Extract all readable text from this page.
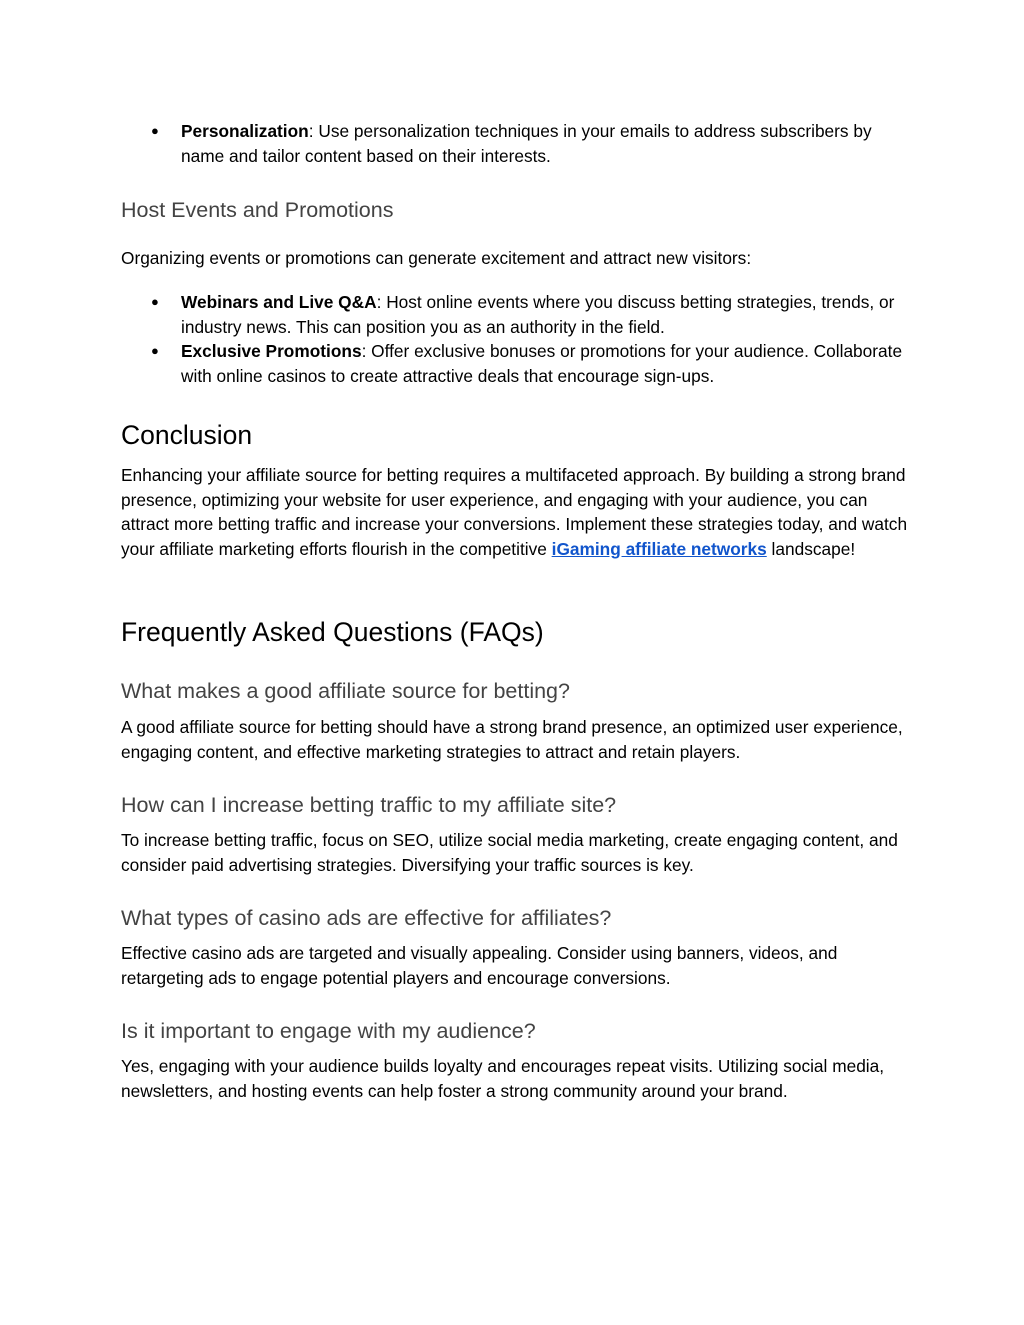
● Personalization: Use personalization techniques in your emails to address subscribers by name and tailor content based on their interests.
Host Events and Promotions

Organizing events or promotions can generate excitement and attract new visitors:

● Webinars and Live Q&A: Host online events where you discuss betting strategies, trends, or industry news. This can position you as an authority in the field.
● Exclusive Promotions: Offer exclusive bonuses or promotions for your audience. Collaborate with online casinos to create attractive deals that encourage sign-ups.
Conclusion

Enhancing your affiliate source for betting requires a multifaceted approach. By building a strong brand presence, optimizing your website for user experience, and engaging with your audience, you can attract more betting traffic and increase your conversions. Implement these strategies today, and watch your affiliate marketing efforts flourish in the competitive iGaming affiliate networks landscape!

Frequently Asked Questions (FAQs)
What makes a good affiliate source for betting?

A good affiliate source for betting should have a strong brand presence, an optimized user experience, engaging content, and effective marketing strategies to attract and retain players.

How can I increase betting traffic to my affiliate site?

To increase betting traffic, focus on SEO, utilize social media marketing, create engaging content, and consider paid advertising strategies. Diversifying your traffic sources is key.

What types of casino ads are effective for affiliates?

Effective casino ads are targeted and visually appealing. Consider using banners, videos, and retargeting ads to engage potential players and encourage conversions.

Is it important to engage with my audience?

Yes, engaging with your audience builds loyalty and encourages repeat visits. Utilizing social media, newsletters, and hosting events can help foster a strong community around your brand.
